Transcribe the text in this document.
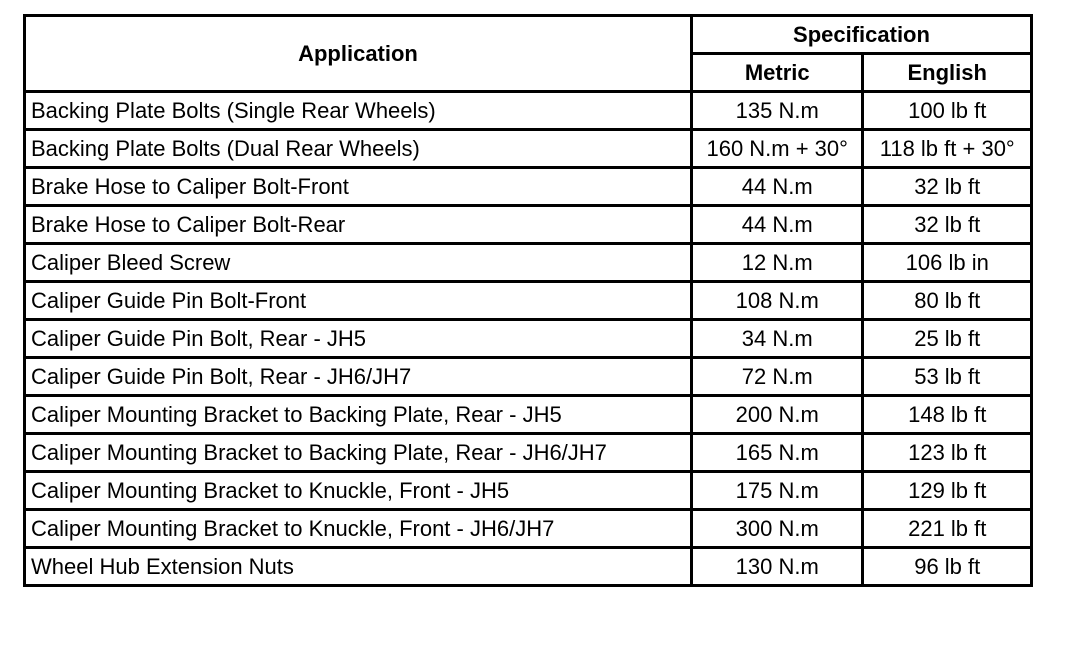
Application	Specification	
	Metric	English
Backing Plate Bolts (Single Rear Wheels)	135 N.m	100 lb ft
Backing Plate Bolts (Dual Rear Wheels)	160 N.m + 30°	118 lb ft + 30°
Brake Hose to Caliper Bolt-Front	44 N.m	32 lb ft
Brake Hose to Caliper Bolt-Rear	44 N.m	32 lb ft
Caliper Bleed Screw	12 N.m	106 lb in
Caliper Guide Pin Bolt-Front	108 N.m	80 lb ft
Caliper Guide Pin Bolt, Rear - JH5	34 N.m	25 lb ft
Caliper Guide Pin Bolt, Rear - JH6/JH7	72 N.m	53 lb ft
Caliper Mounting Bracket to Backing Plate, Rear - JH5	200 N.m	148 lb ft
Caliper Mounting Bracket to Backing Plate, Rear - JH6/JH7	165 N.m	123 lb ft
Caliper Mounting Bracket to Knuckle, Front - JH5	175 N.m	129 lb ft
Caliper Mounting Bracket to Knuckle, Front - JH6/JH7	300 N.m	221 lb ft
Wheel Hub Extension Nuts	130 N.m	96 lb ft
